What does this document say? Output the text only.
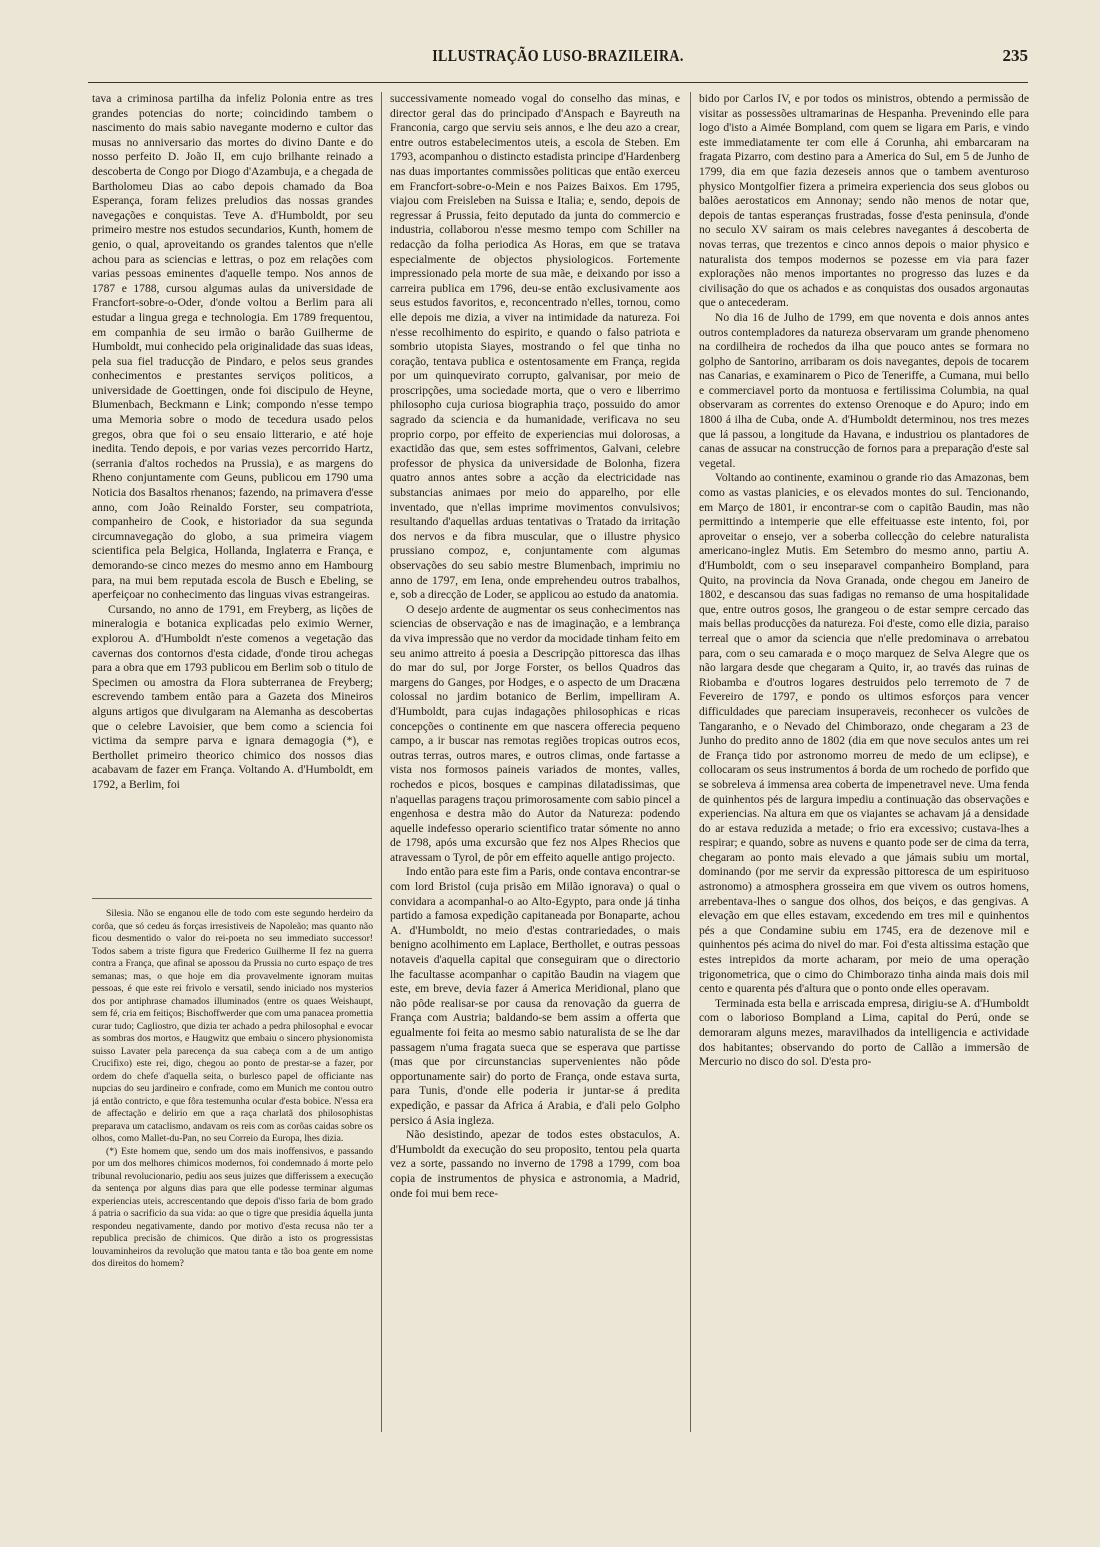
ILLUSTRAÇÃO LUSO-BRAZILEIRA.	235

tava a criminosa partilha da infeliz Polonia entre as tres grandes potencias do norte; coincidindo tambem o nascimento do mais sabio navegante moderno e cultor das musas no anniversario das mortes do divino Dante e do nosso perfeito D. João II, em cujo brilhante reinado a descoberta de Congo por Diogo d'Azambuja, e a chegada de Bartholomeu Dias ao cabo depois chamado da Boa Esperança, foram felizes preludios das nossas grandes navegações e conquistas. Teve A. d'Humboldt, por seu primeiro mestre nos estudos secundarios, Kunth, homem de genio, o qual, aproveitando os grandes talentos que n'elle achou para as sciencias e lettras, o poz em relações com varias pessoas eminentes d'aquelle tempo. Nos annos de 1787 e 1788, cursou algumas aulas da universidade de Francfort-sobre-o-Oder, d'onde voltou a Berlim para ali estudar a lingua grega e technologia. Em 1789 frequentou, em companhia de seu irmão o barão Guilherme de Humboldt, mui conhecido pela originalidade das suas ideas, pela sua fiel traducção de Pindaro, e pelos seus grandes conhecimentos e prestantes serviços politicos, a universidade de Goettingen, onde foi discipulo de Heyne, Blumenbach, Beckmann e Link; compondo n'esse tempo uma Memoria sobre o modo de tecedura usado pelos gregos, obra que foi o seu ensaio litterario, e até hoje inedita. Tendo depois, e por varias vezes percorrido Hartz, (serrania d'altos rochedos na Prussia), e as margens do Rheno conjuntamente com Geuns, publicou em 1790 uma Noticia dos Basaltos rhenanos; fazendo, na primavera d'esse anno, com João Reinaldo Forster, seu compatriota, companheiro de Cook, e historiador da sua segunda circumnavegação do globo, a sua primeira viagem scientifica pela Belgica, Hollanda, Inglaterra e França, e demorando-se cinco mezes do mesmo anno em Hambourg para, na mui bem reputada escola de Busch e Ebeling, se aperfeiçoar no conhecimento das linguas vivas estrangeiras.

Cursando, no anno de 1791, em Freyberg, as lições de mineralogia e botanica explicadas pelo eximio Werner, explorou A. d'Humboldt n'este comenos a vegetação das cavernas dos contornos d'esta cidade, d'onde tirou achegas para a obra que em 1793 publicou em Berlim sob o titulo de Specimen ou amostra da Flora subterranea de Freyberg; escrevendo tambem então para a Gazeta dos Mineiros alguns artigos que divulgaram na Alemanha as descobertas que o celebre Lavoisier, que bem como a sciencia foi victima da sempre parva e ignara demagogia (*), e Berthollet primeiro theorico chimico dos nossos dias acabavam de fazer em França. Voltando A. d'Humboldt, em 1792, a Berlim, foi

successivamente nomeado vogal do conselho das minas, e director geral das do principado d'Anspach e Bayreuth na Franconia, cargo que serviu seis annos, e lhe deu azo a crear, entre outros estabelecimentos uteis, a escola de Steben. Em 1793, acompanhou o distincto estadista principe d'Hardenberg nas duas importantes commissões politicas que então exerceu em Francfort-sobre-o-Mein e nos Paizes Baixos. Em 1795, viajou com Freisleben na Suissa e Italia; e, sendo, depois de regressar á Prussia, feito deputado da junta do commercio e industria, collaborou n'esse mesmo tempo com Schiller na redacção da folha periodica As Horas, em que se tratava especialmente de objectos physiologicos. Fortemente impressionado pela morte de sua mãe, e deixando por isso a carreira publica em 1796, deu-se então exclusivamente aos seus estudos favoritos, e, reconcentrado n'elles, tornou, como elle depois me dizia, a viver na intimidade da natureza. Foi n'esse recolhimento do espirito, e quando o falso patriota e sombrio utopista Siayes, mostrando o fel que tinha no coração, tentava publica e ostentosamente em França, regida por um quinquevirato corrupto, galvanisar, por meio de proscripções, uma sociedade morta, que o vero e liberrimo philosopho cuja curiosa biographia traço, possuido do amor sagrado da sciencia e da humanidade, verificava no seu proprio corpo, por effeito de experiencias mui dolorosas, a exactidão das que, sem estes soffrimentos, Galvani, celebre professor de physica da universidade de Bolonha, fizera quatro annos antes sobre a acção da electricidade nas substancias animaes por meio do apparelho, por elle inventado, que n'ellas imprime movimentos convulsivos; resultando d'aquellas arduas tentativas o Tratado da irritação dos nervos e da fibra muscular, que o illustre physico prussiano compoz, e, conjuntamente com algumas observações do seu sabio mestre Blumenbach, imprimiu no anno de 1797, em Iena, onde emprehendeu outros trabalhos, e, sob a direcção de Loder, se applicou ao estudo da anatomia.

O desejo ardente de augmentar os seus conhecimentos nas sciencias de observação e nas de imaginação, e a lembrança da viva impressão que no verdor da mocidade tinham feito em seu animo attreito á poesia a Descripção pittoresca das ilhas do mar do sul, por Jorge Forster, os bellos Quadros das margens do Ganges, por Hodges, e o aspecto de um Dracæna colossal no jardim botanico de Berlim, impelliram A. d'Humboldt, para cujas indagações philosophicas e ricas concepções o continente em que nascera offerecia pequeno campo, a ir buscar nas remotas regiões tropicas outros ecos, outras terras, outros mares, e outros climas, onde fartasse a vista nos formosos paineis variados de montes, valles, rochedos e picos, bosques e campinas dilatadissimas, que n'aquellas paragens traçou primorosamente com sabio pincel a engenhosa e destra mão do Autor da Natureza: podendo aquelle indefesso operario scientifico tratar sómente no anno de 1798, após uma excursão que fez nos Alpes Rhecios que atravessam o Tyrol, de pôr em effeito aquelle antigo projecto.

Indo então para este fim a Paris, onde contava encontrar-se com lord Bristol (cuja prisão em Milão ignorava) o qual o convidara a acompanhal-o ao Alto-Egypto, para onde já tinha partido a famosa expedição capitaneada por Bonaparte, achou A. d'Humboldt, no meio d'estas contrariedades, o mais benigno acolhimento em Laplace, Berthollet, e outras pessoas notaveis d'aquella capital que conseguiram que o directorio lhe facultasse acompanhar o capitão Baudin na viagem que este, em breve, devia fazer á America Meridional, plano que não pôde realisar-se por causa da renovação da guerra de França com Austria; baldando-se bem assim a offerta que egualmente foi feita ao mesmo sabio naturalista de se lhe dar passagem n'uma fragata sueca que se esperava que partisse (mas que por circunstancias supervenientes não pôde opportunamente sair) do porto de França, onde estava surta, para Tunis, d'onde elle poderia ir juntar-se á predita expedição, e passar da Africa á Arabia, e d'ali pelo Golpho persico á Asia ingleza.

Não desistindo, apezar de todos estes obstaculos, A. d'Humboldt da execução do seu proposito, tentou pela quarta vez a sorte, passando no inverno de 1798 a 1799, com boa copia de instrumentos de physica e astronomia, a Madrid, onde foi mui bem rece-

bido por Carlos IV, e por todos os ministros, obtendo a permissão de visitar as possessões ultramarinas de Hespanha. Prevenindo elle para logo d'isto a Aimée Bompland, com quem se ligara em Paris, e vindo este immediatamente ter com elle á Corunha, ahi embarcaram na fragata Pizarro, com destino para a America do Sul, em 5 de Junho de 1799, dia em que fazia dezeseis annos que o tambem aventuroso physico Montgolfier fizera a primeira experiencia dos seus globos ou balões aerostaticos em Annonay; sendo não menos de notar que, depois de tantas esperanças frustradas, fosse d'esta peninsula, d'onde no seculo XV sairam os mais celebres navegantes á descoberta de novas terras, que trezentos e cinco annos depois o maior physico e naturalista dos tempos modernos se pozesse em via para fazer explorações não menos importantes no progresso das luzes e da civilisação do que os achados e as conquistas dos ousados argonautas que o antecederam.

No dia 16 de Julho de 1799, em que noventa e dois annos antes outros contempladores da natureza observaram um grande phenomeno na cordilheira de rochedos da ilha que pouco antes se formara no golpho de Santorino, arribaram os dois navegantes, depois de tocarem nas Canarias, e examinarem o Pico de Teneriffe, a Cumana, mui bello e commerciavel porto da montuosa e fertilissima Columbia, na qual observaram as correntes do extenso Orenoque e do Apuro; indo em 1800 á ilha de Cuba, onde A. d'Humboldt determinou, nos tres mezes que lá passou, a longitude da Havana, e industriou os plantadores de canas de assucar na construcção de fornos para a preparação d'este sal vegetal.

Voltando ao continente, examinou o grande rio das Amazonas, bem como as vastas planicies, e os elevados montes do sul. Tencionando, em Março de 1801, ir encontrar-se com o capitão Baudin, mas não permittindo a intemperie que elle effeituasse este intento, foi, por aproveitar o ensejo, ver a soberba collecção do celebre naturalista americano-inglez Mutis. Em Setembro do mesmo anno, partiu A. d'Humboldt, com o seu inseparavel companheiro Bompland, para Quito, na provincia da Nova Granada, onde chegou em Janeiro de 1802, e descansou das suas fadigas no remanso de uma hospitalidade que, entre outros gosos, lhe grangeou o de estar sempre cercado das mais bellas producções da natureza. Foi d'este, como elle dizia, paraiso terreal que o amor da sciencia que n'elle predominava o arrebatou para, com o seu camarada e o moço marquez de Selva Alegre que os não largara desde que chegaram a Quito, ir, ao través das ruinas de Riobamba e d'outros logares destruidos pelo terremoto de 7 de Fevereiro de 1797, e pondo os ultimos esforços para vencer difficuldades que pareciam insuperaveis, reconhecer os vulcões de Tangaranho, e o Nevado del Chimborazo, onde chegaram a 23 de Junho do predito anno de 1802 (dia em que nove seculos antes um rei de França tido por astronomo morreu de medo de um eclipse), e collocaram os seus instrumentos á borda de um rochedo de porfido que se sobreleva á immensa area coberta de impenetravel neve. Uma fenda de quinhentos pés de largura impediu a continuação das observações e experiencias. Na altura em que os viajantes se achavam já a densidade do ar estava reduzida a metade; o frio era excessivo; custava-lhes a respirar; e quando, sobre as nuvens e quanto pode ser de cima da terra, chegaram ao ponto mais elevado a que jámais subiu um mortal, dominando (por me servir da expressão pittoresca de um espirituoso astronomo) a atmosphera grosseira em que vivem os outros homens, arrebentava-lhes o sangue dos olhos, dos beiços, e das gengivas. A elevação em que elles estavam, excedendo em tres mil e quinhentos pés a que Condamine subiu em 1745, era de dezenove mil e quinhentos pés acima do nivel do mar. Foi d'esta altissima estação que estes intrepidos da morte acharam, por meio de uma operação trigonometrica, que o cimo do Chimborazo tinha ainda mais dois mil cento e quarenta pés d'altura que o ponto onde elles operavam.

Terminada esta bella e arriscada empresa, dirigiu-se A. d'Humboldt com o laborioso Bompland a Lima, capital do Perú, onde se demoraram alguns mezes, maravilhados da intelligencia e actividade dos habitantes; observando do porto de Callão a immersão de Mercurio no disco do sol. D'esta pro-

Silesia. Não se enganou elle de todo com este segundo herdeiro da corôa, que só cedeu ás forças irresistiveis de Napoleão; mas quanto não ficou desmentido o valor do rei-poeta no seu immediato successor! Todos sabem a triste figura que Frederico Guilherme II fez na guerra contra a França, que afinal se apossou da Prussia no curto espaço de tres semanas; mas, o que hoje em dia provavelmente ignoram muitas pessoas, é que este rei frivolo e versatil, sendo iniciado nos mysterios dos por antiphrase chamados illuminados (entre os quaes Weishaupt, sem fé, cria em feitiços; Bischoffwerder que com uma panacea promettia curar tudo; Cagliostro, que dizia ter achado a pedra philosophal e evocar as sombras dos mortos, e Haugwitz que embaiu o sincero physionomista suisso Lavater pela parecença da sua cabeça com a de um antigo Crucifixo) este rei, digo, chegou ao ponto de prestar-se a fazer, por ordem do chefe d'aquella seita, o burlesco papel de officiante nas nupcias do seu jardineiro e confrade, como em Munich me contou outro já então contricto, e que fôra testemunha ocular d'esta bobice. N'essa era de affectação e delirio em que a raça charlatã dos philosophistas preparava um cataclismo, andavam os reis com as corôas caidas sobre os olhos, como Mallet-du-Pan, no seu Correio da Europa, lhes dizia.

(*) Este homem que, sendo um dos mais inoffensivos, e passando por um dos melhores chimicos modernos, foi condemnado á morte pelo tribunal revolucionario, pediu aos seus juizes que differissem a execução da sentença por alguns dias para que elle podesse terminar algumas experiencias uteis, accrescentando que depois d'isso faria de bom grado á patria o sacrificio da sua vida: ao que o tigre que presidia áquella junta respondeu negativamente, dando por motivo d'esta recusa não ter a republica precisão de chimicos. Que dirão a isto os progressistas louvaminheiros da revolução que matou tanta e tão boa gente em nome dos direitos do homem?
